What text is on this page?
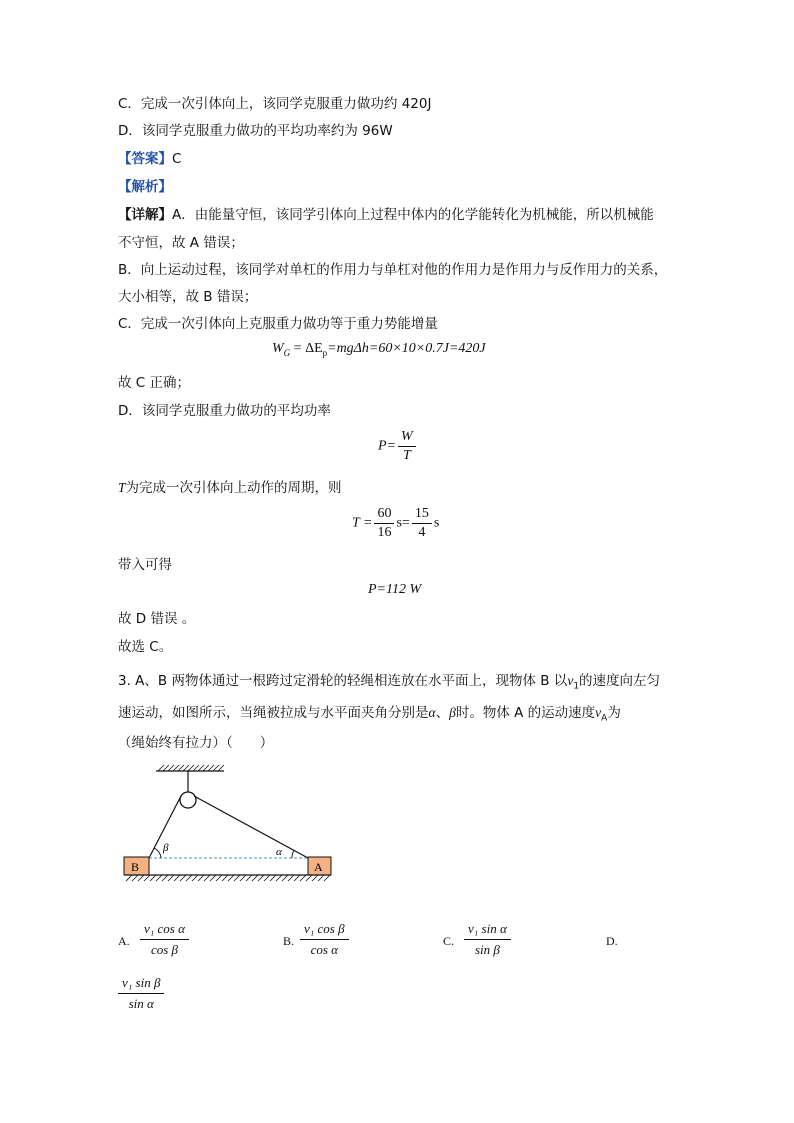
C．完成一次引体向上，该同学克服重力做功约 420J
D．该同学克服重力做功的平均功率约为 96W
【答案】C
【解析】
【详解】A．由能量守恒，该同学引体向上过程中体内的化学能转化为机械能，所以机械能
不守恒，故 A 错误；
B．向上运动过程，该同学对单杠的作用力与单杠对他的作用力是作用力与反作用力的关系，
大小相等，故 B 错误；
C．完成一次引体向上克服重力做功等于重力势能增量
$W_G = \Delta E_p=mg\Delta h=60\times 10\times 0.7J=420J$
故 C 正确；
D．该同学克服重力做功的平均功率
$P= \frac{W}{T}$
T为完成一次引体向上动作的周期，则
$T = \frac{60}{16} s= \frac{15}{4}$ s
带入可得
P=112 W
故 D 错误 。
故选 C。
3. A、B 两物体通过一根跨过定滑轮的轻绳相连放在水平面上，现物体 B 以$v_1$的速度向左匀
速运动，如图所示，当绳被拉成与水平面夹角分别是α、β时。物体 A 的运动速度$v_A$为
（绳始终有拉力）（　　）
β	α
B	A
A. $\frac{\text{v₁ cos α}}{\text{cos β}}$	B. $\frac{\text{v₁ cos β}}{\text{cos α}}$	C. $\frac{\text{v₁ sin α}}{\text{sin β}}$	D.
$\frac{\text{v₁ sin β}}{\text{sin α}}$
